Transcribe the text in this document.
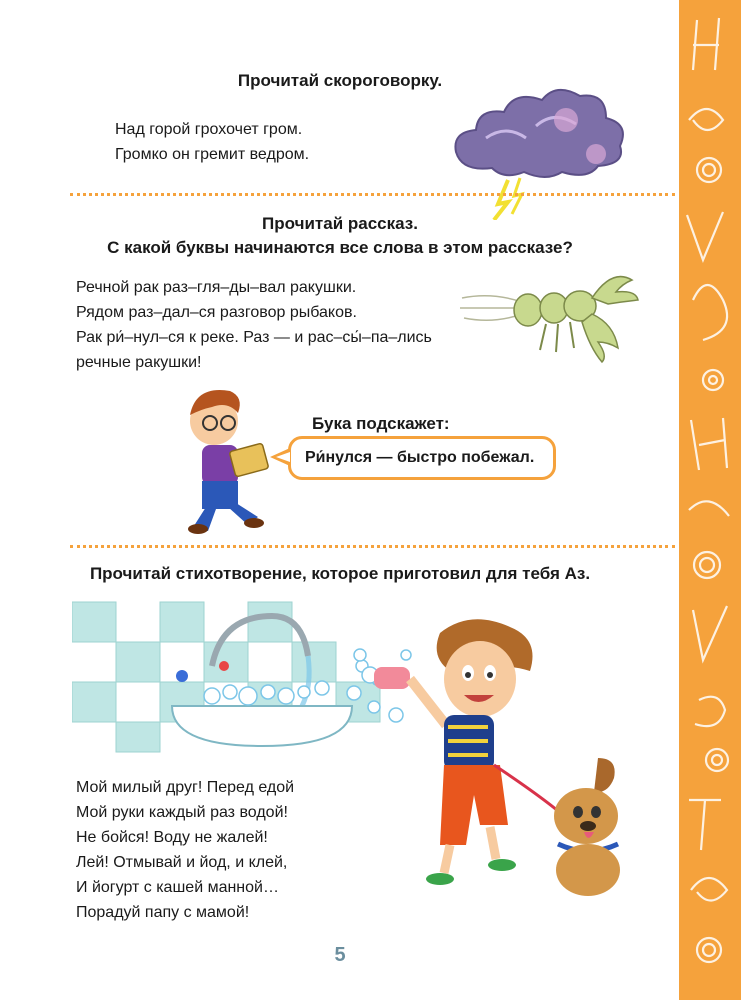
Прочитай скороговорку.
Над горой грохочет гром.
Громко он гремит ведром.
Прочитай рассказ.
С какой буквы начинаются все слова в этом рассказе?
Речной рак раз–гля–ды–вал ракушки.
Рядом раз–дал–ся разговор рыбаков.
Рак ри́–нул–ся к реке. Раз — и рас–сы́–па–лись
речные ракушки!
Бука подскажет:
Ри́нулся — быстро побежал.
Прочитай стихотворение, которое приготовил для тебя Аз.
Мой милый друг! Перед едой
Мой руки каждый раз водой!
Не бойся! Воду не жалей!
Лей! Отмывай и йод, и клей,
И йогурт с кашей манной…
Порадуй папу с мамой!
5
